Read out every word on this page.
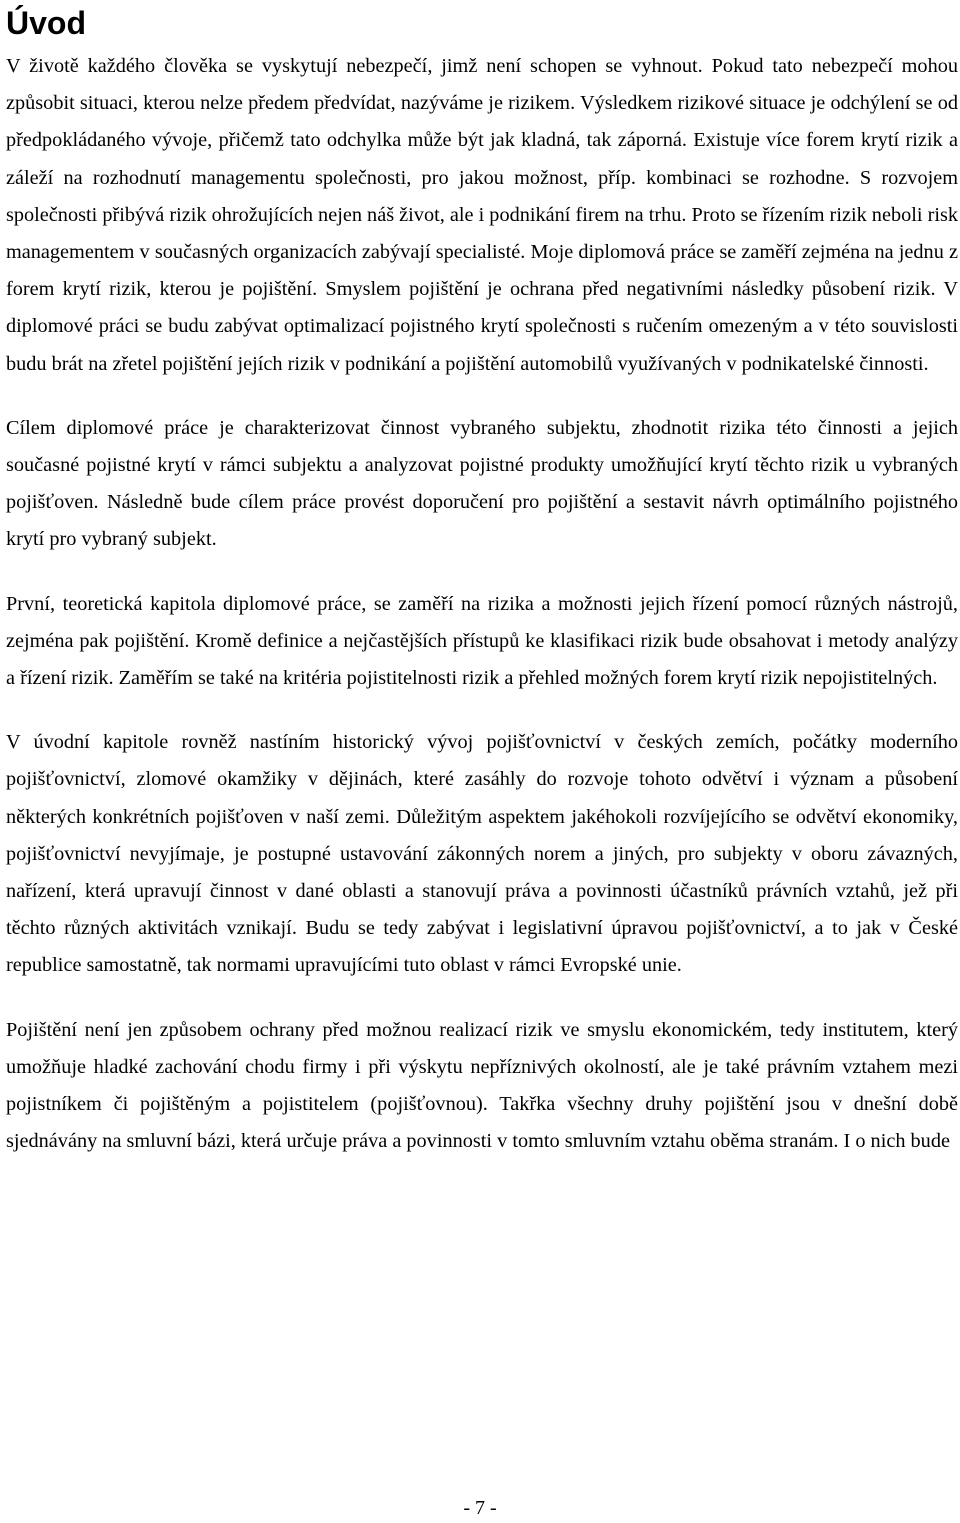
Úvod

V životě každého člověka se vyskytují nebezpečí, jimž není schopen se vyhnout. Pokud tato nebezpečí mohou způsobit situaci, kterou nelze předem předvídat, nazýváme je rizikem. Výsledkem rizikové situace je odchýlení se od předpokládaného vývoje, přičemž tato odchylka může být jak kladná, tak záporná. Existuje více forem krytí rizik a záleží na rozhodnutí managementu společnosti, pro jakou možnost, příp. kombinaci se rozhodne. S rozvojem společnosti přibývá rizik ohrožujících nejen náš život, ale i podnikání firem na trhu. Proto se řízením rizik neboli risk managementem v současných organizacích zabývají specialisté. Moje diplomová práce se zaměří zejména na jednu z forem krytí rizik, kterou je pojištění. Smyslem pojištění je ochrana před negativními následky působení rizik. V diplomové práci se budu zabývat optimalizací pojistného krytí společnosti s ručením omezeným a v této souvislosti budu brát na zřetel pojištění jejích rizik v podnikání a pojištění automobilů využívaných v podnikatelské činnosti.

Cílem diplomové práce je charakterizovat činnost vybraného subjektu, zhodnotit rizika této činnosti a jejich současné pojistné krytí v rámci subjektu a analyzovat pojistné produkty umožňující krytí těchto rizik u vybraných pojišťoven. Následně bude cílem práce provést doporučení pro pojištění a sestavit návrh optimálního pojistného krytí pro vybraný subjekt.

První, teoretická kapitola diplomové práce, se zaměří na rizika a možnosti jejich řízení pomocí různých nástrojů, zejména pak pojištění. Kromě definice a nejčastějších přístupů ke klasifikaci rizik bude obsahovat i metody analýzy a řízení rizik. Zaměřím se také na kritéria pojistitelnosti rizik a přehled možných forem krytí rizik nepojistitelných.

V úvodní kapitole rovněž nastíním historický vývoj pojišťovnictví v českých zemích, počátky moderního pojišťovnictví, zlomové okamžiky v dějinách, které zasáhly do rozvoje tohoto odvětví i význam a působení některých konkrétních pojišťoven v naší zemi. Důležitým aspektem jakéhokoli rozvíjejícího se odvětví ekonomiky, pojišťovnictví nevyjímaje, je postupné ustavování zákonných norem a jiných, pro subjekty v oboru závazných, nařízení, která upravují činnost v dané oblasti a stanovují práva a povinnosti účastníků právních vztahů, jež při těchto různých aktivitách vznikají. Budu se tedy zabývat i legislativní úpravou pojišťovnictví, a to jak v České republice samostatně, tak normami upravujícími tuto oblast v rámci Evropské unie.

Pojištění není jen způsobem ochrany před možnou realizací rizik ve smyslu ekonomickém, tedy institutem, který umožňuje hladké zachování chodu firmy i při výskytu nepříznivých okolností, ale je také právním vztahem mezi pojistníkem či pojištěným a pojistitelem (pojišťovnou). Takřka všechny druhy pojištění jsou v dnešní době sjednávány na smluvní bázi, která určuje práva a povinnosti v tomto smluvním vztahu oběma stranám. I o nich bude

- 7 -
